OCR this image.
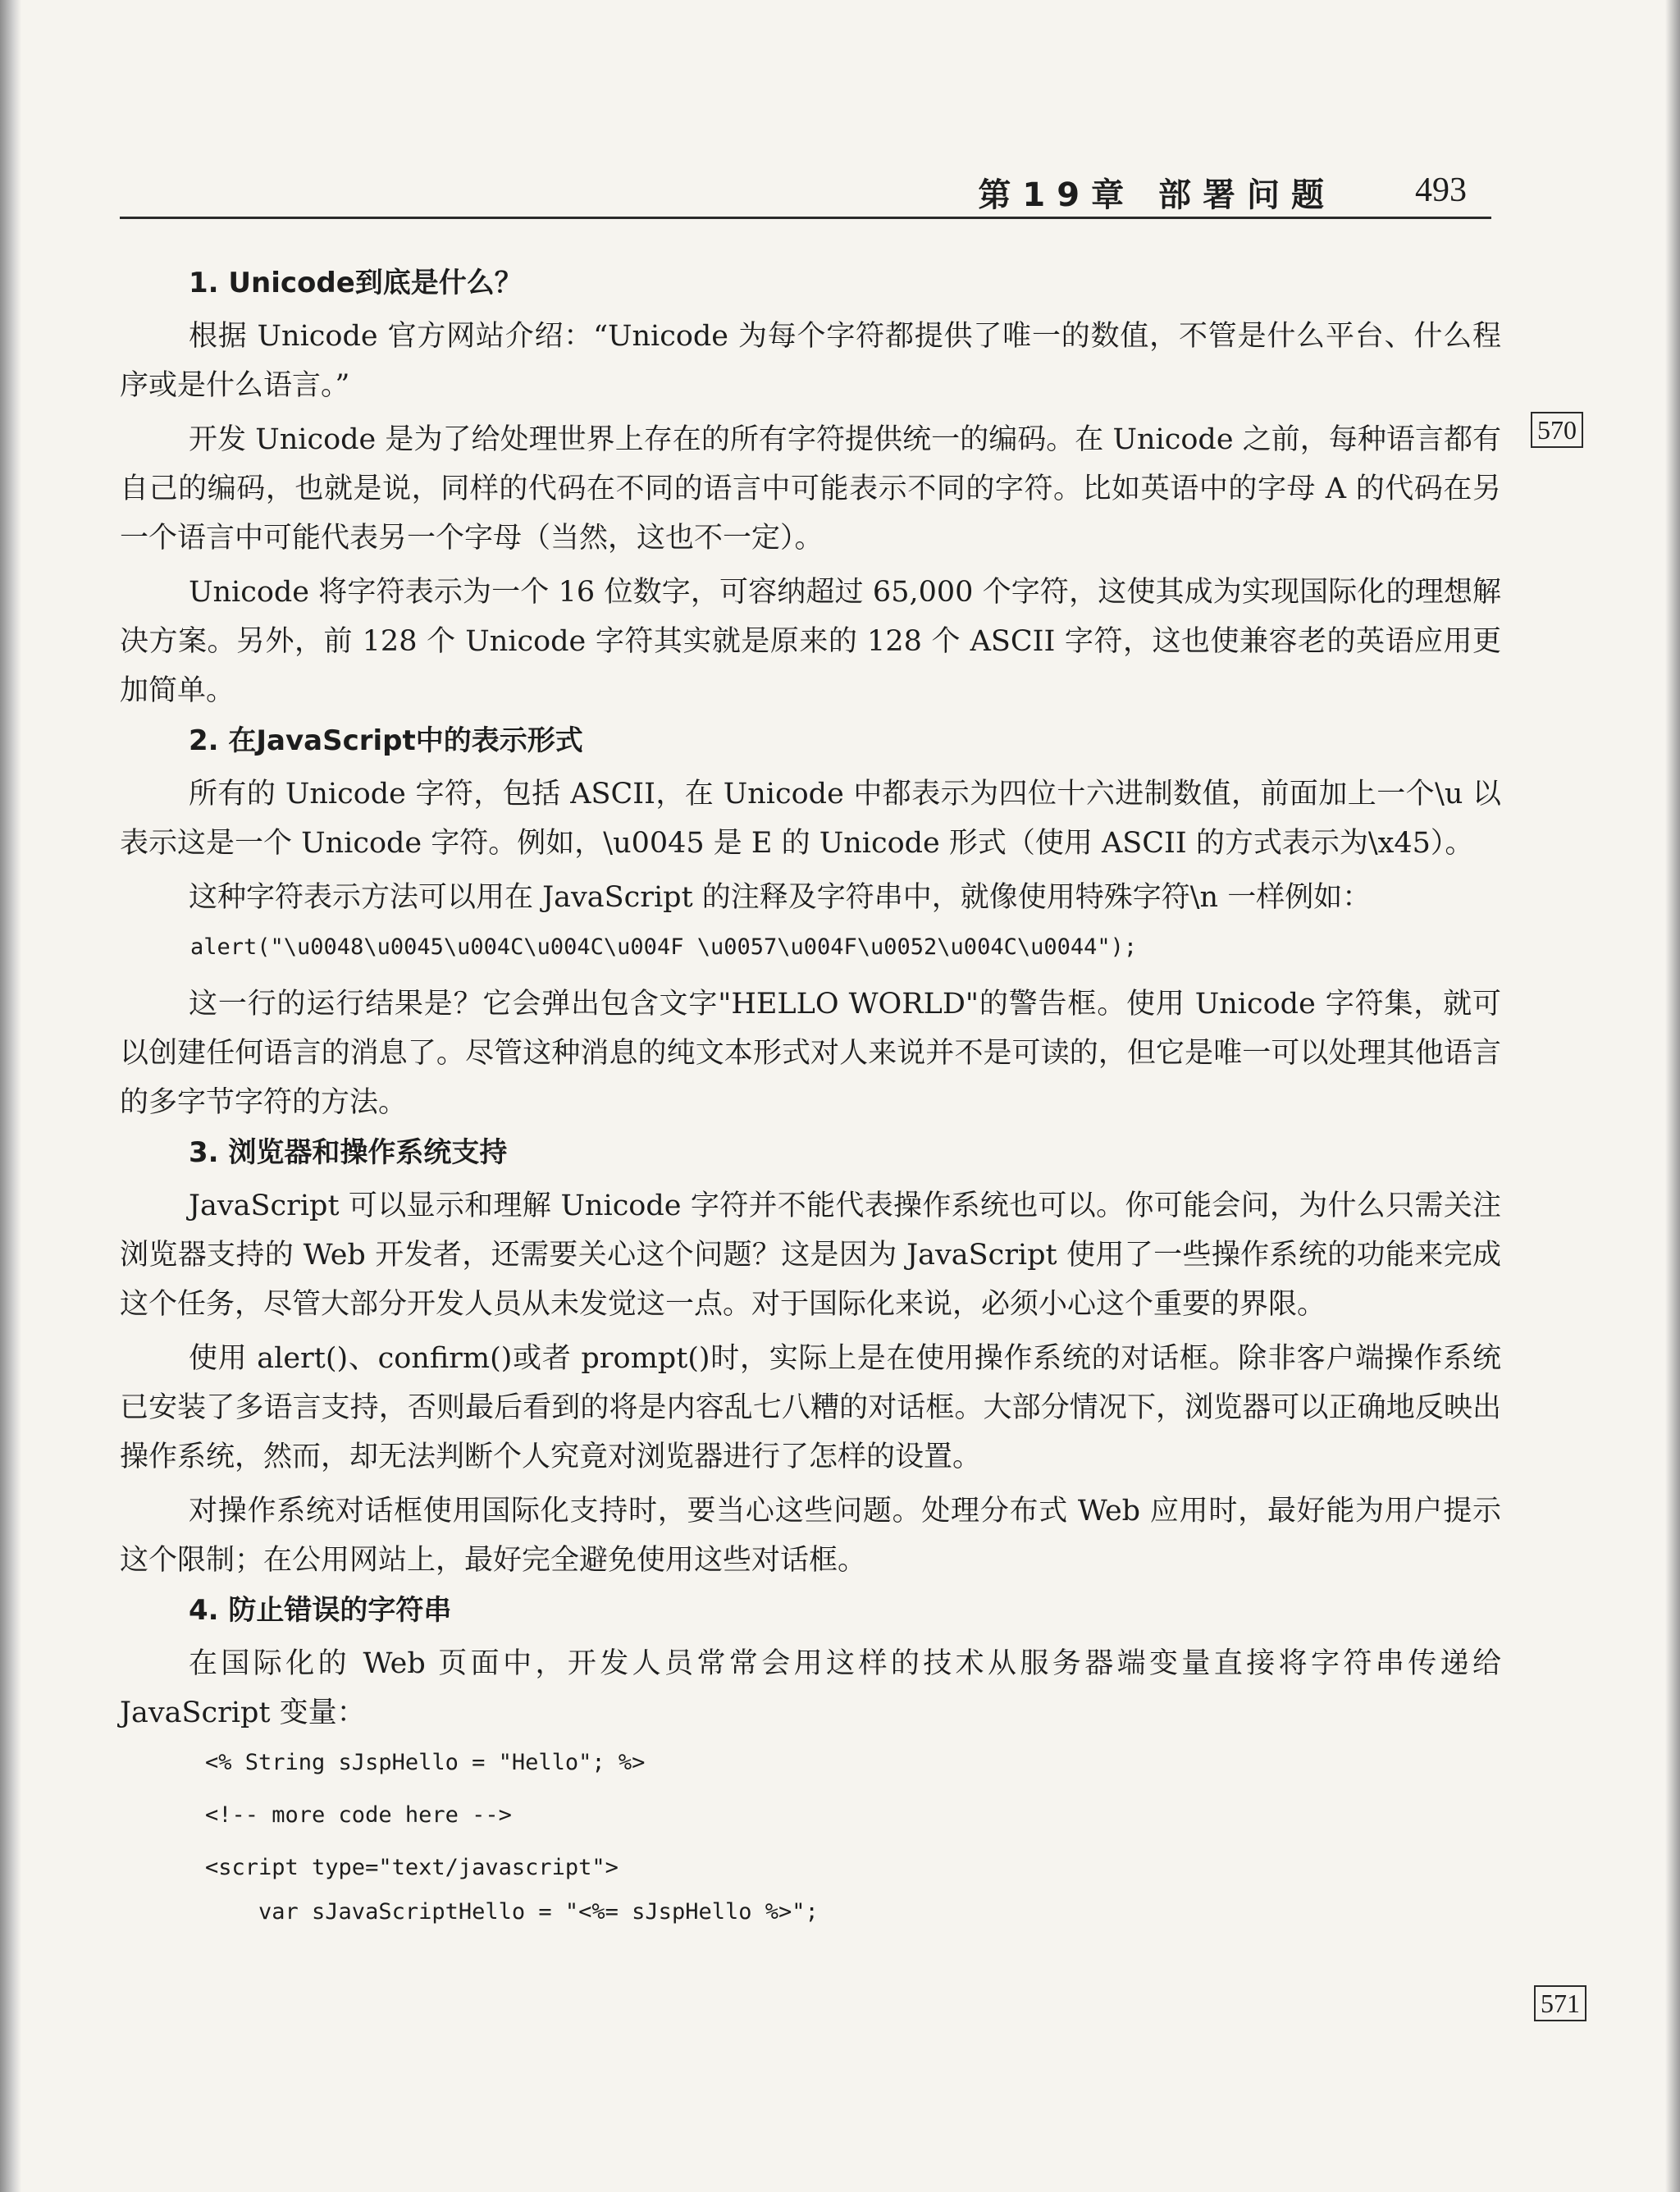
第19章 部署问题 493
570
571
1. Unicode到底是什么？

根据 Unicode 官方网站介绍：“Unicode 为每个字符都提供了唯一的数值，不管是什么平台、什么程序或是什么语言。”

开发 Unicode 是为了给处理世界上存在的所有字符提供统一的编码。在 Unicode 之前，每种语言都有自己的编码，也就是说，同样的代码在不同的语言中可能表示不同的字符。比如英语中的字母 A 的代码在另一个语言中可能代表另一个字母（当然，这也不一定）。

Unicode 将字符表示为一个 16 位数字，可容纳超过 65,000 个字符，这使其成为实现国际化的理想解决方案。另外，前 128 个 Unicode 字符其实就是原来的 128 个 ASCII 字符，这也使兼容老的英语应用更加简单。

2. 在JavaScript中的表示形式

所有的 Unicode 字符，包括 ASCII，在 Unicode 中都表示为四位十六进制数值，前面加上一个\u 以表示这是一个 Unicode 字符。例如，\u0045 是 E 的 Unicode 形式（使用 ASCII 的方式表示为\x45）。

这种字符表示方法可以用在 JavaScript 的注释及字符串中，就像使用特殊字符\n 一样例如：

alert("\u0048\u0045\u004C\u004C\u004F \u0057\u004F\u0052\u004C\u0044");

这一行的运行结果是？它会弹出包含文字"HELLO WORLD"的警告框。使用 Unicode 字符集，就可以创建任何语言的消息了。尽管这种消息的纯文本形式对人来说并不是可读的，但它是唯一可以处理其他语言的多字节字符的方法。

3. 浏览器和操作系统支持

JavaScript 可以显示和理解 Unicode 字符并不能代表操作系统也可以。你可能会问，为什么只需关注浏览器支持的 Web 开发者，还需要关心这个问题？这是因为 JavaScript 使用了一些操作系统的功能来完成这个任务，尽管大部分开发人员从未发觉这一点。对于国际化来说，必须小心这个重要的界限。

使用 alert()、confirm()或者 prompt()时，实际上是在使用操作系统的对话框。除非客户端操作系统已安装了多语言支持，否则最后看到的将是内容乱七八糟的对话框。大部分情况下，浏览器可以正确地反映出操作系统，然而，却无法判断个人究竟对浏览器进行了怎样的设置。

对操作系统对话框使用国际化支持时，要当心这些问题。处理分布式 Web 应用时，最好能为用户提示这个限制；在公用网站上，最好完全避免使用这些对话框。

4. 防止错误的字符串

在国际化的 Web 页面中，开发人员常常会用这样的技术从服务器端变量直接将字符串传递给 JavaScript 变量：

<% String sJspHello = "Hello"; %>
<!-- more code here -->
<script type="text/javascript">
var sJavaScriptHello = "<%= sJspHello %>";
